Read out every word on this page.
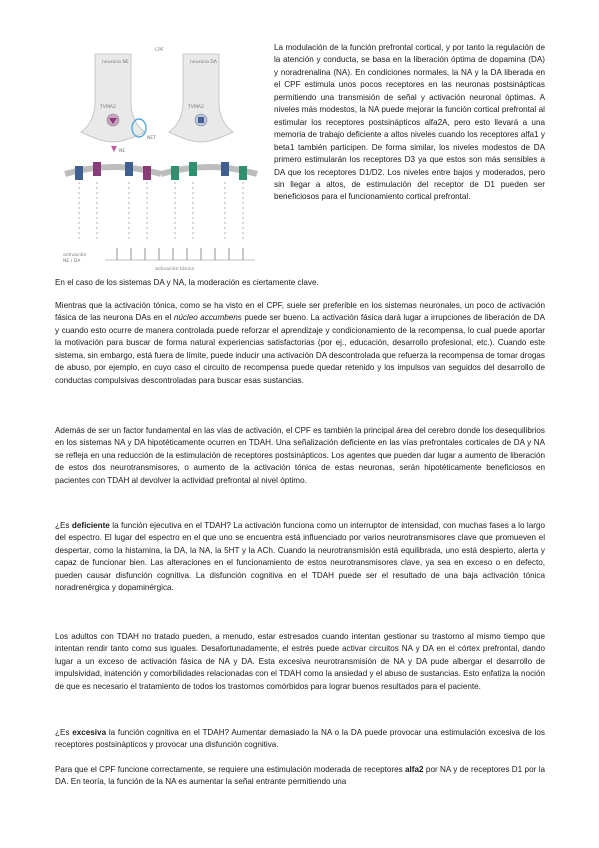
CPF
neurona NE
TVMA2
NET
NE
neurona DA
TVMA2
activación
NE / DA
activación tónica

La modulación de la función prefrontal cortical, y por tanto la regulación de la atención y conducta, se basa en la liberación óptima de dopamina (DA) y noradrenalina (NA). En condiciones normales, la NA y la DA liberada en el CPF estimula unos pocos receptores en las neuronas postsinápticas permitiendo una transmisión de señal y activación neuronal óptimas. A niveles más modestos, la NA puede mejorar la función cortical prefrontal al estimular los receptores postsinápticos alfa2A, pero esto llevará a una memoria de trabajo deficiente a altos niveles cuando los receptores alfa1 y beta1 también participen. De forma similar, los niveles modestos de DA primero estimularán los receptores D3 ya que estos son más sensibles a DA que los receptores D1/D2. Los niveles entre bajos y moderados, pero sin llegar a altos, de estimulación del receptor de D1 pueden ser beneficiosos para el funcionamiento cortical prefrontal.

En el caso de los sistemas DA y NA, la moderación es ciertamente clave.

Mientras que la activación tónica, como se ha visto en el CPF, suele ser preferible en los sistemas neuronales, un poco de activación fásica de las neurona DAs en el núcleo accumbens puede ser bueno. La activación fásica dará lugar a irrupciones de liberación de DA y cuando esto ocurre de manera controlada puede reforzar el aprendizaje y condicionamiento de la recompensa, lo cual puede aportar la motivación para buscar de forma natural experiencias satisfactorias (por ej., educación, desarrollo profesional, etc.). Cuando este sistema, sin embargo, está fuera de límite, puede inducir una activación DA descontrolada que refuerza la recompensa de tomar drogas de abuso, por ejemplo, en cuyo caso el circuito de recompensa puede quedar retenido y los impulsos van seguidos del desarrollo de conductas compulsivas descontroladas para buscar esas sustancias.

Además de ser un factor fundamental en las vías de activación, el CPF es también la principal área del cerebro donde los desequilibrios en los sistemas NA y DA hipotéticamente ocurren en TDAH. Una señalización deficiente en las vías prefrontales corticales de DA y NA se refleja en una reducción de la estimulación de receptores postsinápticos. Los agentes que pueden dar lugar a aumento de liberación de estos dos neurotransmisores, o aumento de la activación tónica de estas neuronas, serán hipotéticamente beneficiosos en pacientes con TDAH al devolver la actividad prefrontal al nivel óptimo.

¿Es deficiente la función ejecutiva en el TDAH? La activación funciona como un interruptor de intensidad, con muchas fases a lo largo del espectro. El lugar del espectro en el que uno se encuentra está influenciado por varios neurotransmisores clave que promueven el despertar, como la histamina, la DA, la NA, la 5HT y la ACh. Cuando la neurotransmisión está equilibrada, uno está despierto, alerta y capaz de funcionar bien. Las alteraciones en el funcionamiento de estos neurotransmisores clave, ya sea en exceso o en defecto, pueden causar disfunción cognitiva. La disfunción cognitiva en el TDAH puede ser el resultado de una baja activación tónica noradrenérgica y dopaminérgica.

Los adultos con TDAH no tratado pueden, a menudo, estar estresados cuando intentan gestionar su trastorno al mismo tiempo que intentan rendir tanto como sus iguales. Desafortunadamente, el estrés puede activar circuitos NA y DA en el córtex prefrontal, dando lugar a un exceso de activación fásica de NA y DA. Esta excesiva neurotransmisión de NA y DA pude albergar el desarrollo de impulsividad, inatención y comorbilidades relacionadas con el TDAH como la ansiedad y el abuso de sustancias. Esto enfatiza la noción de que es necesario el tratamiento de todos los trastornos comórbidos para lograr buenos resultados para el paciente.

¿Es excesiva la función cognitiva en el TDAH? Aumentar demasiado la NA o la DA puede provocar una estimulación excesiva de los receptores postsinápticos y provocar una disfunción cognitiva.

Para que el CPF funcione correctamente, se requiere una estimulación moderada de receptores alfa2 por NA y de receptores D1 por la DA. En teoría, la función de la NA es aumentar la señal entrante permitiendo una
